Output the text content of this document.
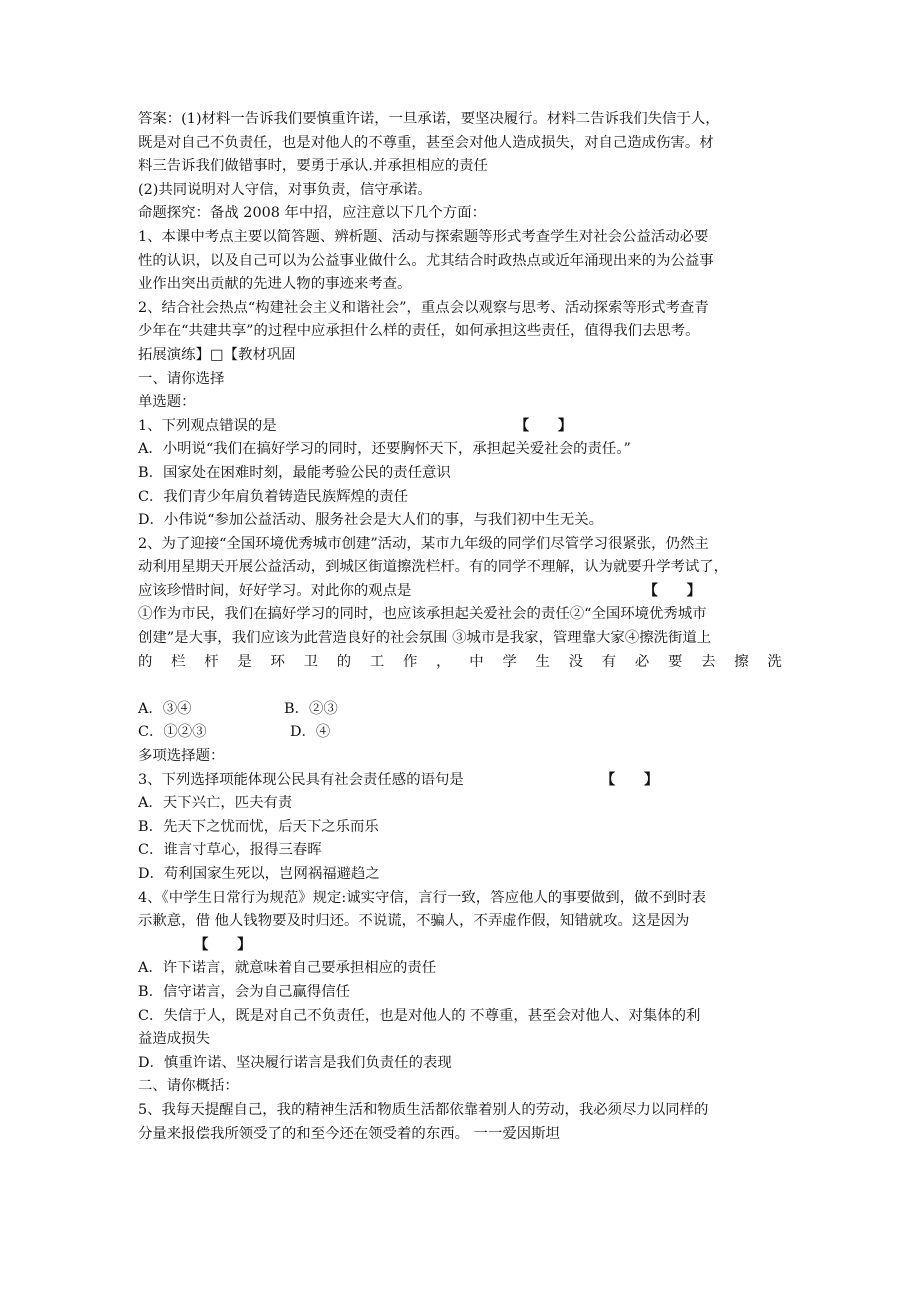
答案：(1)材料一告诉我们要慎重许诺，一旦承诺，要坚决履行。材料二告诉我们失信于人，
既是对自己不负责任，也是对他人的不尊重，甚至会对他人造成损失，对自己造成伤害。材
料三告诉我们做错事时，要勇于承认.并承担相应的责任
(2)共同说明对人守信，对事负责，信守承诺。
命题探究：备战 2008 年中招，应注意以下几个方面：
1、本课中考点主要以简答题、辨析题、活动与探索题等形式考查学生对社会公益活动必要
性的认识，以及自己可以为公益事业做什么。尤其结合时政热点或近年涌现出来的为公益事
业作出突出贡献的先进人物的事迹来考查。
2、结合社会热点“构建社会主义和谐社会”，重点会以观察与思考、活动探索等形式考查青
少年在“共建共享”的过程中应承担什么样的责任，如何承担这些责任，值得我们去思考。
拓展演练】□【教材巩固
一、请你选择
单选题：
1、下列观点错误的是	【　　】
A．小明说“我们在搞好学习的同时，还要胸怀天下，承担起关爱社会的责任。”
B．国家处在困难时刻，最能考验公民的责任意识
C．我们青少年肩负着铸造民族辉煌的责任
D．小伟说“参加公益活动、服务社会是大人们的事，与我们初中生无关。
2、为了迎接“全国环境优秀城市创建”活动，某市九年级的同学们尽管学习很紧张，仍然主
动利用星期天开展公益活动，到城区街道擦洗栏杆。有的同学不理解，认为就要升学考试了，
应该珍惜时间，好好学习。对此你的观点是	【　　】
①作为市民，我们在搞好学习的同时，也应该承担起关爱社会的责任②“全国环境优秀城市
创建”是大事，我们应该为此营造良好的社会氛围 ③城市是我家，管理靠大家④擦洗街道上
的 栏 杆 是 环 卫 的 工 作 ， 中 学 生 没 有 必 要 去 擦 洗
A．③④	B．②③
C．①②③	D．④
多项选择题：
3、下列选择项能体现公民具有社会责任感的语句是	【　　】
A．天下兴亡，匹夫有责
B．先天下之忧而忧，后天下之乐而乐
C．谁言寸草心，报得三春晖
D．苟利国家生死以，岂网祸福避趋之
4、《中学生日常行为规范》规定:诚实守信，言行一致，答应他人的事要做到，做不到时表
示歉意，借 他人钱物要及时归还。不说谎，不骗人，不弄虚作假，知错就攻。这是因为
【　　】
A．许下诺言，就意味着自己要承担相应的责任
B．信守诺言，会为自己赢得信任
C．失信于人，既是对自己不负责任，也是对他人的 不尊重，甚至会对他人、对集体的利
益造成损失
D．慎重许诺、坚决履行诺言是我们负责任的表现
二、请你概括：
5、我每天提醒自己，我的精神生活和物质生活都依靠着别人的劳动，我必须尽力以同样的
分量来报偿我所领受了的和至今还在领受着的东西。 一一爱因斯坦
